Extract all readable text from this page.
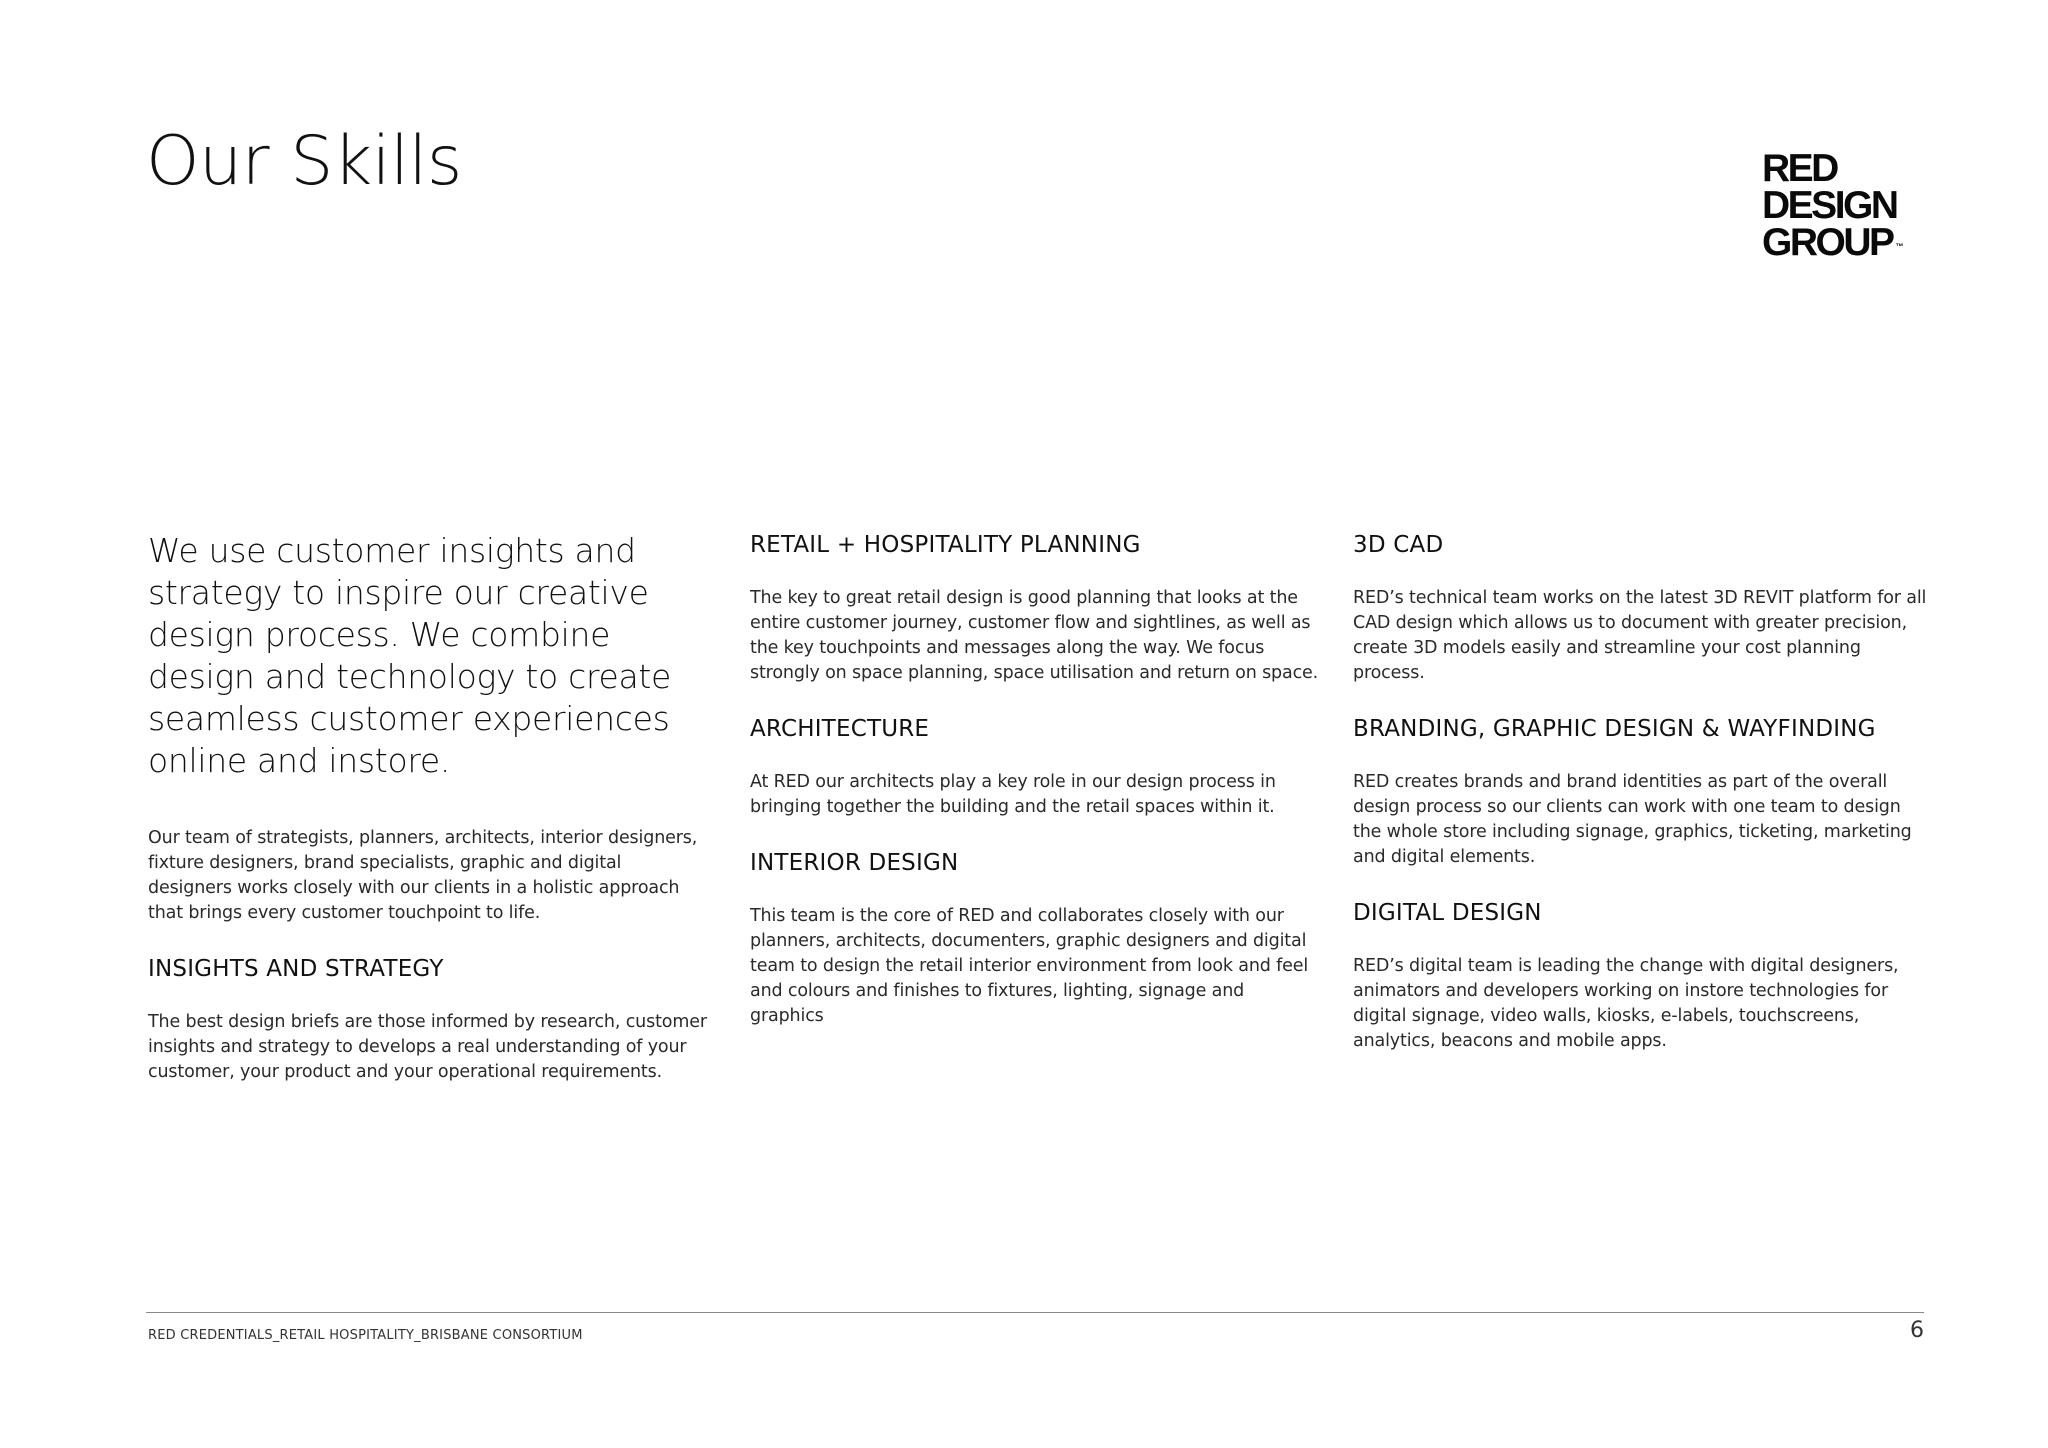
Our Skills	RED
DESIGN
GROUP ™

We use customer insights and strategy to inspire our creative design process. We combine design and technology to create seamless customer experiences online and instore.

Our team of strategists, planners, architects, interior designers, fixture designers, brand specialists, graphic and digital designers works closely with our clients in a holistic approach that brings every customer touchpoint to life.

INSIGHTS AND STRATEGY

The best design briefs are those informed by research, customer insights and strategy to develops a real understanding of your customer, your product and your operational requirements.

RETAIL + HOSPITALITY PLANNING

The key to great retail design is good planning that looks at the entire customer journey, customer flow and sightlines, as well as the key touchpoints and messages along the way. We focus strongly on space planning, space utilisation and return on space.

ARCHITECTURE

At RED our architects play a key role in our design process in bringing together the building and the retail spaces within it.

INTERIOR DESIGN

This team is the core of RED and collaborates closely with our planners, architects, documenters, graphic designers and digital team to design the retail interior environment from look and feel and colours and finishes to fixtures, lighting, signage and graphics

3D CAD

RED’s technical team works on the latest 3D REVIT platform for all CAD design which allows us to document with greater precision, create 3D models easily and streamline your cost planning process.

BRANDING, GRAPHIC DESIGN & WAYFINDING

RED creates brands and brand identities as part of the overall design process so our clients can work with one team to design the whole store including signage, graphics, ticketing, marketing and digital elements.

DIGITAL DESIGN

RED’s digital team is leading the change with digital designers, animators and developers working on instore technologies for digital signage, video walls, kiosks, e-labels, touchscreens, analytics, beacons and mobile apps.

RED CREDENTIALS_RETAIL HOSPITALITY_BRISBANE CONSORTIUM	6
